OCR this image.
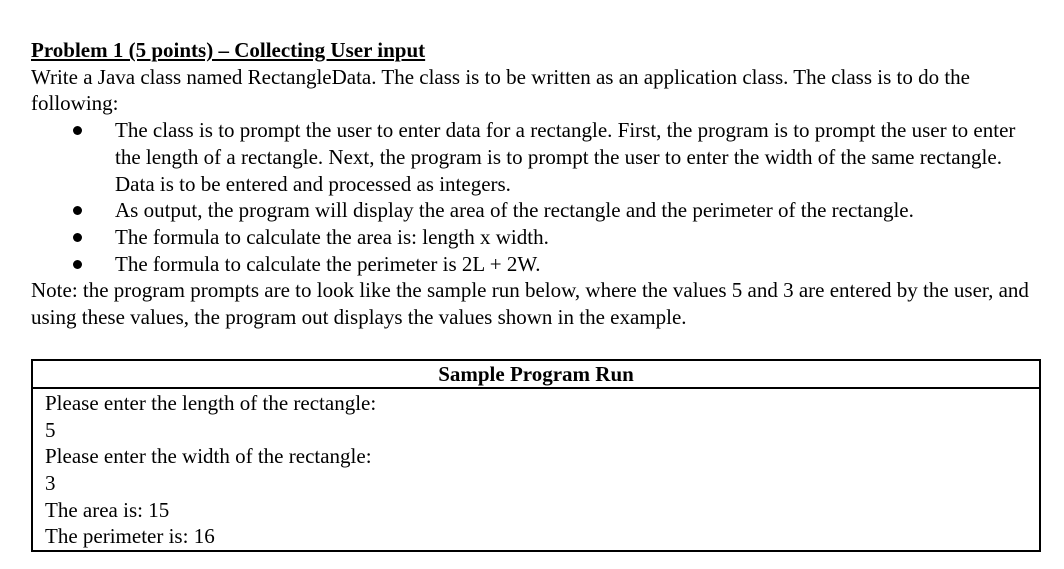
Problem 1 (5 points) – Collecting User input

Write a Java class named RectangleData. The class is to be written as an application class. The class is to do the following:

The class is to prompt the user to enter data for a rectangle. First, the program is to prompt the user to enter the length of a rectangle. Next, the program is to prompt the user to enter the width of the same rectangle. Data is to be entered and processed as integers.
As output, the program will display the area of the rectangle and the perimeter of the rectangle.
The formula to calculate the area is: length x width.
The formula to calculate the perimeter is 2L + 2W.

Note: the program prompts are to look like the sample run below, where the values 5 and 3 are entered by the user, and using these values, the program out displays the values shown in the example.

Sample Program Run
Please enter the length of the rectangle:
5
Please enter the width of the rectangle:
3
The area is: 15
The perimeter is: 16
